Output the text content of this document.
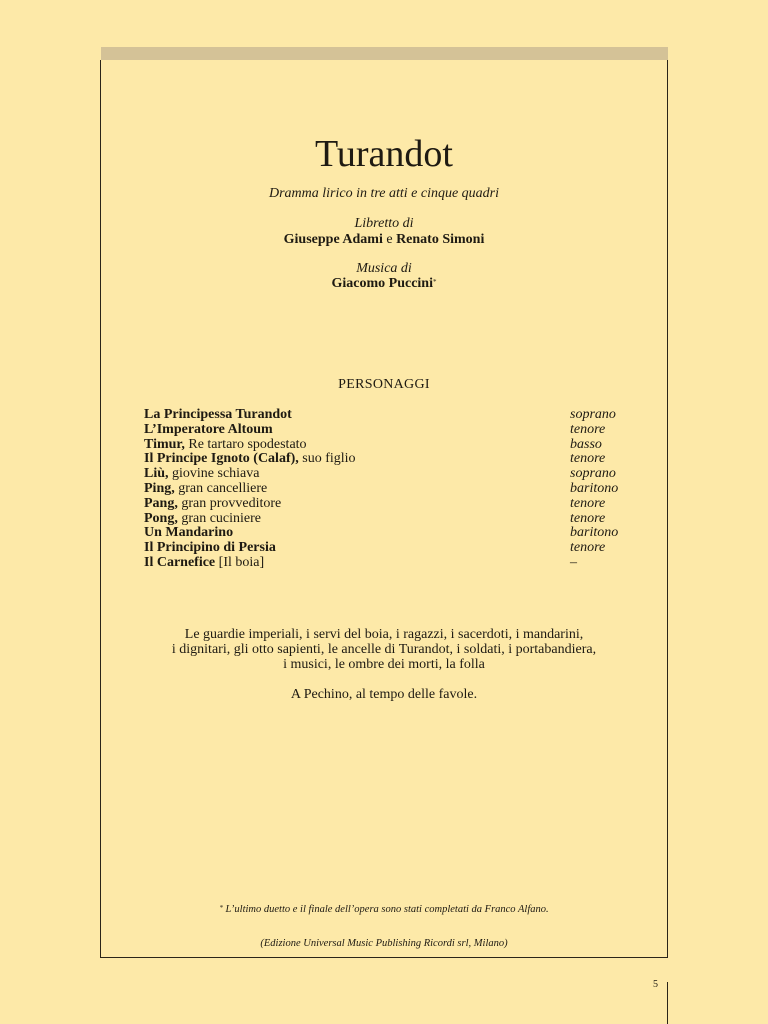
5
Turandot
Dramma lirico in tre atti e cinque quadri
Libretto di
Giuseppe Adami e Renato Simoni
Musica di
Giacomo Puccini*
PERSONAGGI
La Principessa Turandot	soprano
L’Imperatore Altoum	tenore
Timur, Re tartaro spodestato	basso
Il Principe Ignoto (Calaf), suo figlio	tenore
Liù, giovine schiava	soprano
Ping, gran cancelliere	baritono
Pang, gran provveditore	tenore
Pong, gran cuciniere	tenore
Un Mandarino	baritono
Il Principino di Persia	tenore
Il Carnefice [Il boia]	–
Le guardie imperiali, i servi del boia, i ragazzi, i sacerdoti, i mandarini,
i dignitari, gli otto sapienti, le ancelle di Turandot, i soldati, i portabandiera,
i musici, le ombre dei morti, la folla
A Pechino, al tempo delle favole.
* L’ultimo duetto e il finale dell’opera sono stati completati da Franco Alfano.
(Edizione Universal Music Publishing Ricordi srl, Milano)
